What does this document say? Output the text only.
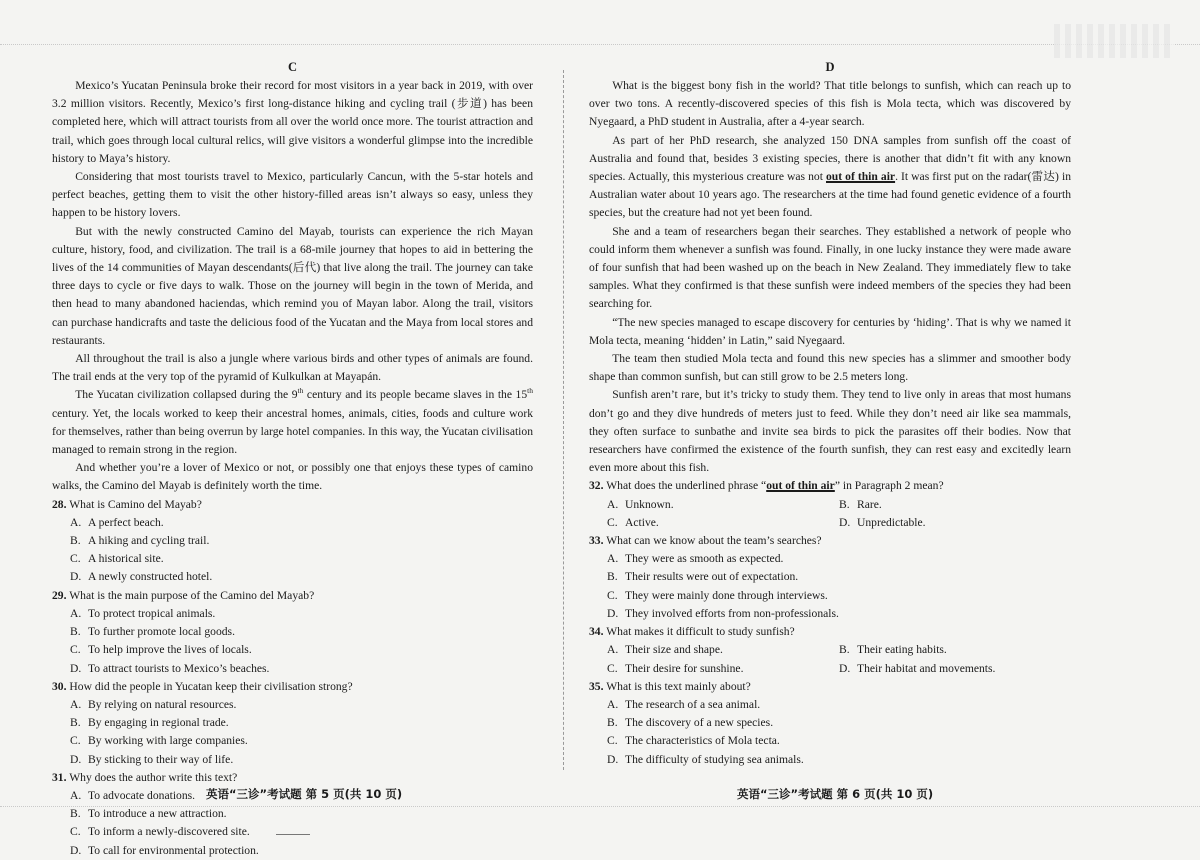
C

Mexico’s Yucatan Peninsula broke their record for most visitors in a year back in 2019, with over 3.2 million visitors. Recently, Mexico’s first long-distance hiking and cycling trail (步道) has been completed here, which will attract tourists from all over the world once more. The tourist attraction and trail, which goes through local cultural relics, will give visitors a wonderful glimpse into the incredible history to Maya’s history.

Considering that most tourists travel to Mexico, particularly Cancun, with the 5-star hotels and perfect beaches, getting them to visit the other history-filled areas isn’t always so easy, unless they happen to be history lovers.

But with the newly constructed Camino del Mayab, tourists can experience the rich Mayan culture, history, food, and civilization. The trail is a 68-mile journey that hopes to aid in bettering the lives of the 14 communities of Mayan descendants(后代) that live along the trail. The journey can take three days to cycle or five days to walk. Those on the journey will begin in the town of Merida, and then head to many abandoned haciendas, which remind you of Mayan labor. Along the trail, visitors can purchase handicrafts and taste the delicious food of the Yucatan and the Maya from local stores and restaurants.

All throughout the trail is also a jungle where various birds and other types of animals are found. The trail ends at the very top of the pyramid of Kulkulkan at Mayapán.

The Yucatan civilization collapsed during the 9th century and its people became slaves in the 15th century. Yet, the locals worked to keep their ancestral homes, animals, cities, foods and culture work for themselves, rather than being overrun by large hotel companies. In this way, the Yucatan civilisation managed to remain strong in the region.

And whether you’re a lover of Mexico or not, or possibly one that enjoys these types of camino walks, the Camino del Mayab is definitely worth the time.

28. What is Camino del Mayab?

A. A perfect beach.

B. A hiking and cycling trail.

C. A historical site.

D. A newly constructed hotel.

29. What is the main purpose of the Camino del Mayab?

A. To protect tropical animals.

B. To further promote local goods.

C. To help improve the lives of locals.

D. To attract tourists to Mexico’s beaches.

30. How did the people in Yucatan keep their civilisation strong?

A. By relying on natural resources.

B. By engaging in regional trade.

C. By working with large companies.

D. By sticking to their way of life.

31. Why does the author write this text?

A. To advocate donations.

B. To introduce a new attraction.

C. To inform a newly-discovered site.

D. To call for environmental protection.

D

What is the biggest bony fish in the world? That title belongs to sunfish, which can reach up to over two tons. A recently-discovered species of this fish is Mola tecta, which was discovered by Nyegaard, a PhD student in Australia, after a 4-year search.

As part of her PhD research, she analyzed 150 DNA samples from sunfish off the coast of Australia and found that, besides 3 existing species, there is another that didn’t fit with any known species. Actually, this mysterious creature was not out of thin air. It was first put on the radar(雷达) in Australian water about 10 years ago. The researchers at the time had found genetic evidence of a fourth species, but the creature had not yet been found.

She and a team of researchers began their searches. They established a network of people who could inform them whenever a sunfish was found. Finally, in one lucky instance they were made aware of four sunfish that had been washed up on the beach in New Zealand. They immediately flew to take samples. What they confirmed is that these sunfish were indeed members of the species they had been searching for.

“The new species managed to escape discovery for centuries by ‘hiding’. That is why we named it Mola tecta, meaning ‘hidden’ in Latin,” said Nyegaard.

The team then studied Mola tecta and found this new species has a slimmer and smoother body shape than common sunfish, but can still grow to be 2.5 meters long.

Sunfish aren’t rare, but it’s tricky to study them. They tend to live only in areas that most humans don’t go and they dive hundreds of meters just to feed. While they don’t need air like sea mammals, they often surface to sunbathe and invite sea birds to pick the parasites off their bodies. Now that researchers have confirmed the existence of the fourth sunfish, they can rest easy and excitedly learn even more about this fish.

32. What does the underlined phrase “out of thin air” in Paragraph 2 mean?

A. Unknown.	B. Rare.

C. Active.	D. Unpredictable.

33. What can we know about the team’s searches?

A. They were as smooth as expected.

B. Their results were out of expectation.

C. They were mainly done through interviews.

D. They involved efforts from non-professionals.

34. What makes it difficult to study sunfish?

A. Their size and shape.	B. Their eating habits.

C. Their desire for sunshine.	D. Their habitat and movements.

35. What is this text mainly about?

A. The research of a sea animal.

B. The discovery of a new species.

C. The characteristics of Mola tecta.

D. The difficulty of studying sea animals.

英语“三诊”考试题 第 5 页(共 10 页)	英语“三诊”考试题 第 6 页(共 10 页)
